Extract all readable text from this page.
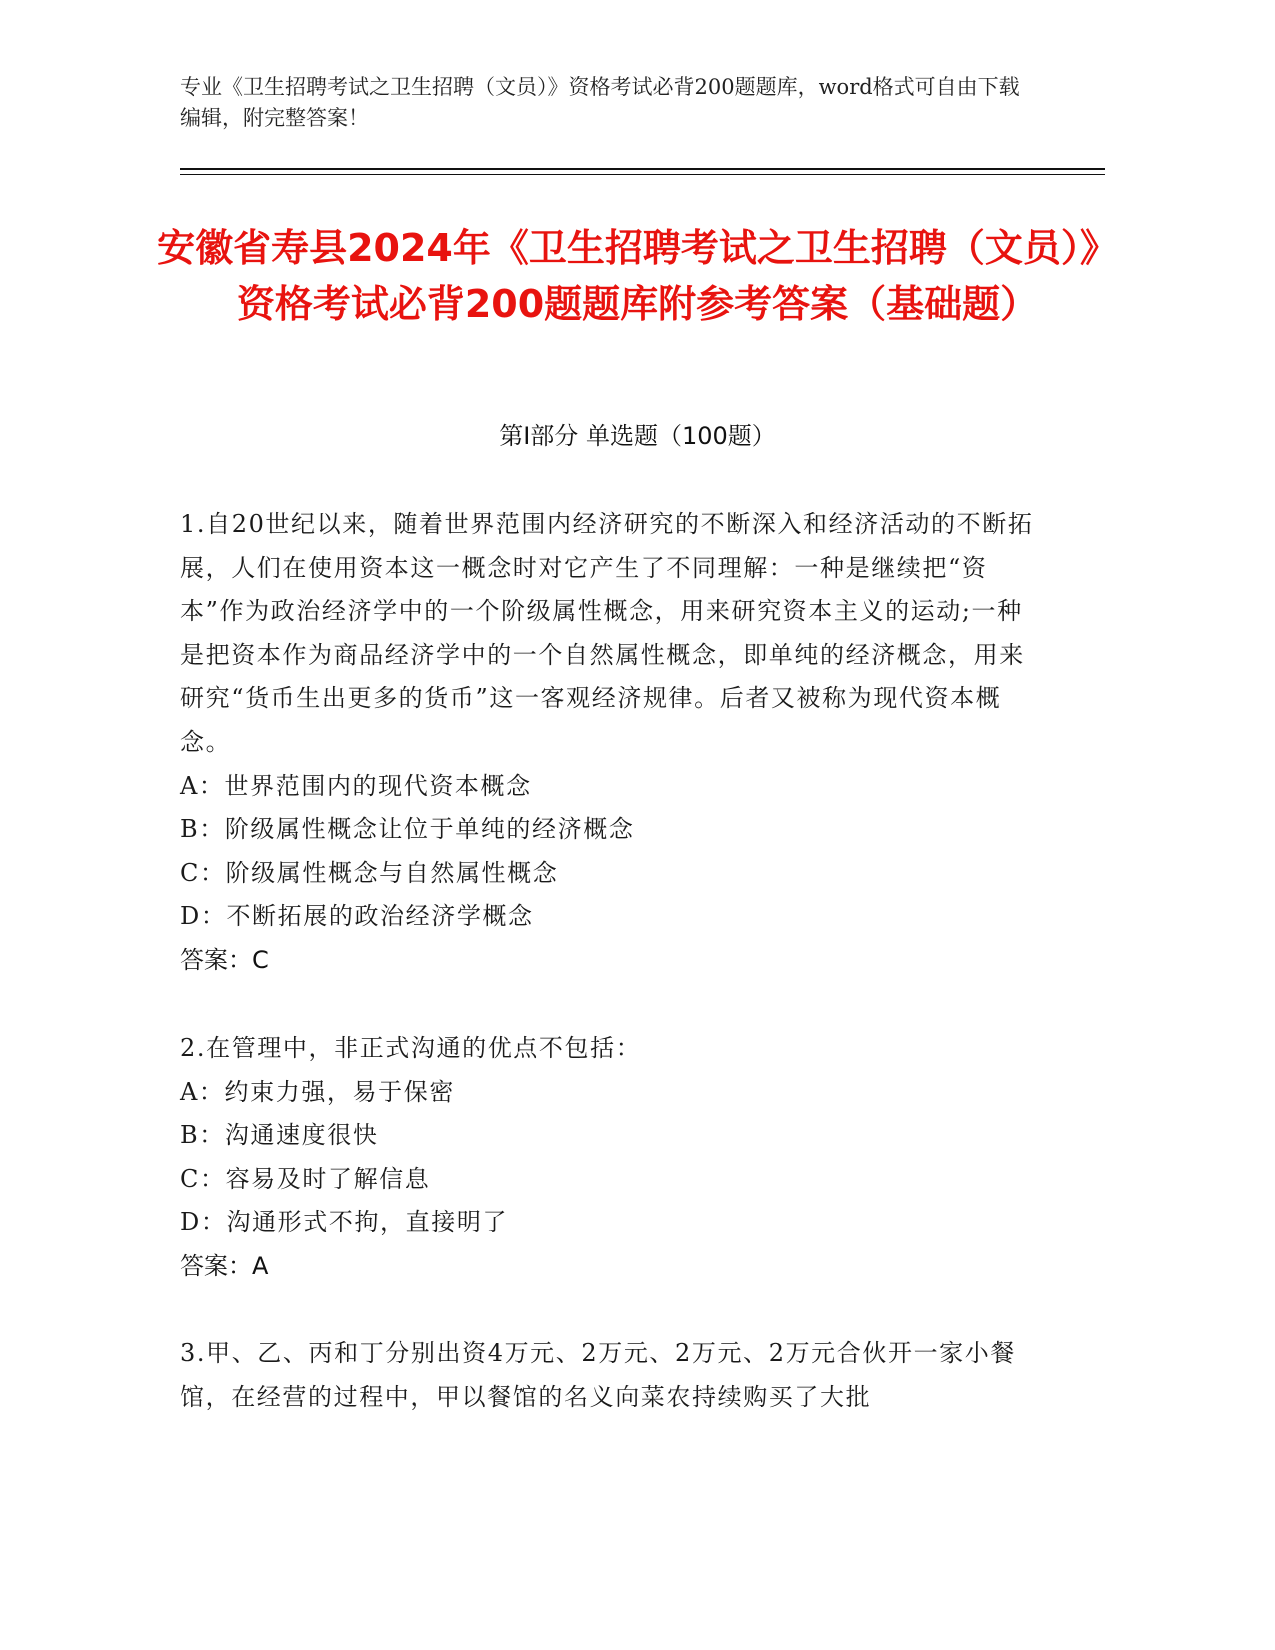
专业《卫生招聘考试之卫生招聘（文员）》资格考试必背200题题库，word格式可自由下载编辑，附完整答案！
安徽省寿县2024年《卫生招聘考试之卫生招聘（文员）》资格考试必背200题题库附参考答案（基础题）
第I部分 单选题（100题）
1.自20世纪以来，随着世界范围内经济研究的不断深入和经济活动的不断拓展，人们在使用资本这一概念时对它产生了不同理解：一种是继续把“资本”作为政治经济学中的一个阶级属性概念，用来研究资本主义的运动;一种是把资本作为商品经济学中的一个自然属性概念，即单纯的经济概念，用来研究“货币生出更多的货币”这一客观经济规律。后者又被称为现代资本概念。
A：世界范围内的现代资本概念
B：阶级属性概念让位于单纯的经济概念
C：阶级属性概念与自然属性概念
D：不断拓展的政治经济学概念
答案：C
2.在管理中，非正式沟通的优点不包括：
A：约束力强，易于保密
B：沟通速度很快
C：容易及时了解信息
D：沟通形式不拘，直接明了
答案：A
3.甲、乙、丙和丁分别出资4万元、2万元、2万元、2万元合伙开一家小餐馆，在经营的过程中，甲以餐馆的名义向菜农持续购买了大批
